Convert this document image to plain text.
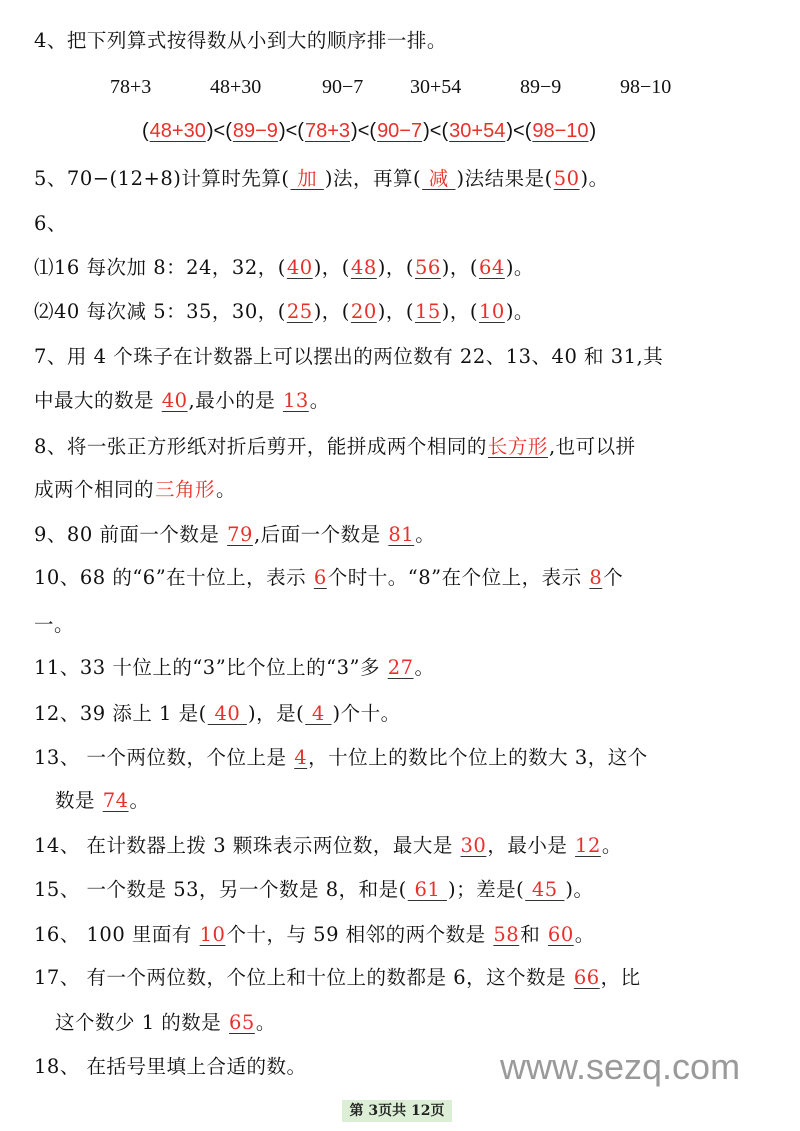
4、把下列算式按得数从小到大的顺序排一排。
78+3	48+30	90−7 30+54	89−9	98−10
(48+30)<(89−9)<(78+3)<(90−7)<(30+54)<(98−10)
5、70−(12+8)计算时先算( 加 )法，再算( 减 )法结果是(50)。
6、
⑴16 每次加 8：24，32，(40)，(48)，(56)，(64)。
⑵40 每次减 5：35，30，(25)，(20)，(15)，(10)。
7、用 4 个珠子在计数器上可以摆出的两位数有 22、13、40 和 31,其
中最大的数是 40,最小的是 13。
8、将一张正方形纸对折后剪开，能拼成两个相同的长方形,也可以拼
成两个相同的三角形。
9、80 前面一个数是 79,后面一个数是 81。
10、68 的“6”在十位上，表示 6个时十。“8”在个位上，表示 8个
一。
11、33 十位上的“3”比个位上的“3”多 27。
12、39 添上 1 是( 40 )，是( 4 )个十。
13、 一个两位数，个位上是 4，十位上的数比个位上的数大 3，这个
数是 74。
14、 在计数器上拨 3 颗珠表示两位数，最大是 30，最小是 12。
15、 一个数是 53，另一个数是 8，和是( 61 )；差是( 45 )。
16、 100 里面有 10个十，与 59 相邻的两个数是 58和 60。
17、 有一个两位数，个位上和十位上的数都是 6，这个数是 66，比
这个数少 1 的数是 65。
18、 在括号里填上合适的数。	www.sezq.com
第 3页共 12页
